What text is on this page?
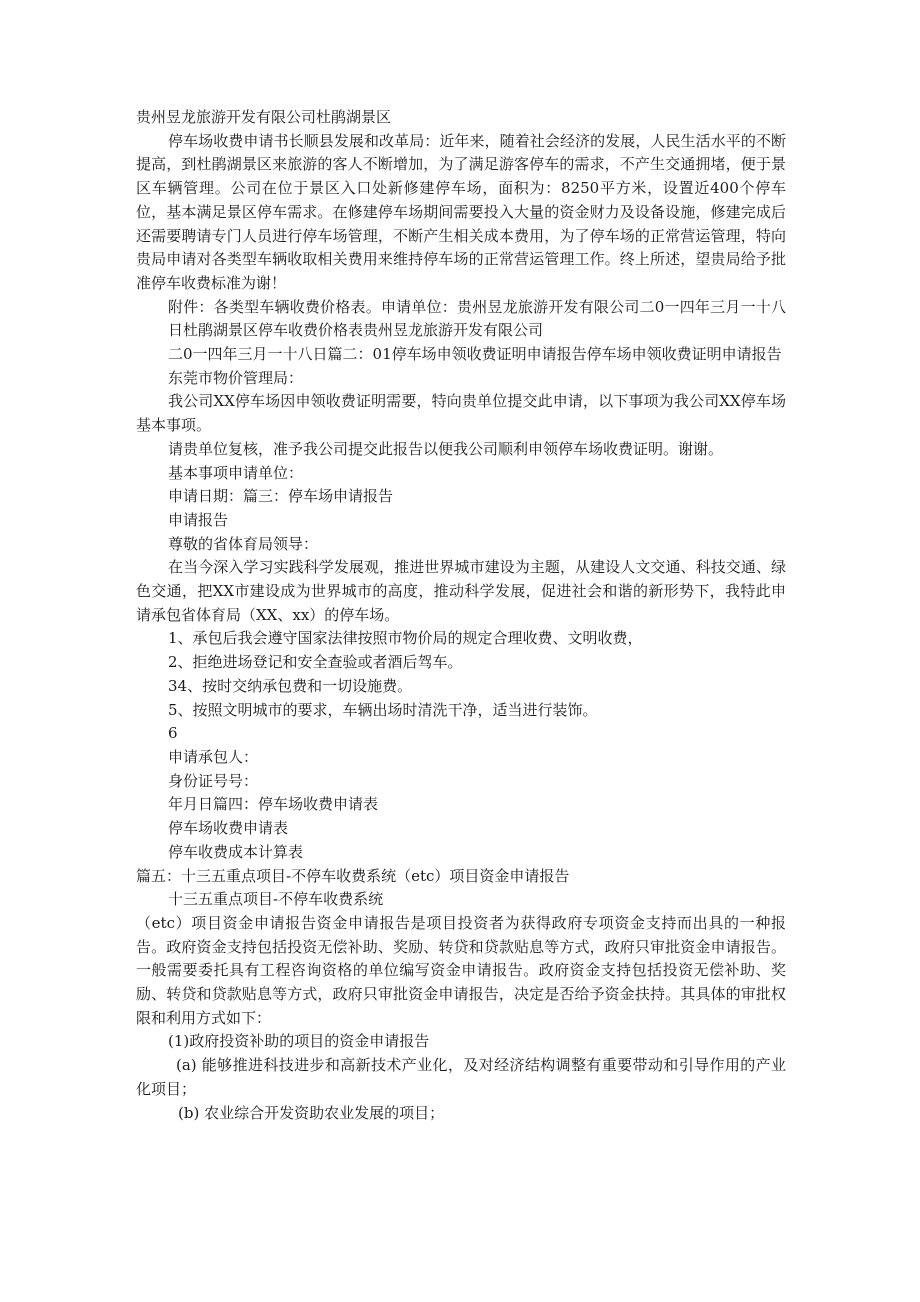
贵州昱龙旅游开发有限公司杜鹃湖景区

停车场收费申请书长顺县发展和改革局：近年来，随着社会经济的发展，人民生活水平的不断提高，到杜鹃湖景区来旅游的客人不断增加，为了满足游客停车的需求，不产生交通拥堵，便于景区车辆管理。公司在位于景区入口处新修建停车场，面积为：8250平方米，设置近400个停车位，基本满足景区停车需求。在修建停车场期间需要投入大量的资金财力及设备设施，修建完成后还需要聘请专门人员进行停车场管理，不断产生相关成本费用，为了停车场的正常营运管理，特向贵局申请对各类型车辆收取相关费用来维持停车场的正常营运管理工作。终上所述，望贵局给予批准停车收费标准为谢！

附件：各类型车辆收费价格表。申请单位：贵州昱龙旅游开发有限公司二0一四年三月一十八日杜鹃湖景区停车收费价格表贵州昱龙旅游开发有限公司

二0一四年三月一十八日篇二：01停车场申领收费证明申请报告停车场申领收费证明申请报告

东莞市物价管理局：

我公司XX停车场因申领收费证明需要，特向贵单位提交此申请，以下事项为我公司XX停车场基本事项。

请贵单位复核，准予我公司提交此报告以便我公司顺利申领停车场收费证明。谢谢。

基本事项申请单位：

申请日期：篇三：停车场申请报告

申请报告

尊敬的省体育局领导：

在当今深入学习实践科学发展观，推进世界城市建设为主题，从建设人文交通、科技交通、绿色交通，把XX市建设成为世界城市的高度，推动科学发展，促进社会和谐的新形势下，我特此申请承包省体育局（XX、xx）的停车场。

1、承包后我会遵守国家法律按照市物价局的规定合理收费、文明收费，

2、拒绝进场登记和安全查验或者酒后驾车。

34、按时交纳承包费和一切设施费。

5、按照文明城市的要求，车辆出场时清洗干净，适当进行装饰。

6

申请承包人：

身份证号号：

年月日篇四：停车场收费申请表

停车场收费申请表

停车收费成本计算表

篇五：十三五重点项目-不停车收费系统（etc）项目资金申请报告

十三五重点项目-不停车收费系统

（etc）项目资金申请报告资金申请报告是项目投资者为获得政府专项资金支持而出具的一种报告。政府资金支持包括投资无偿补助、奖励、转贷和贷款贴息等方式，政府只审批资金申请报告。一般需要委托具有工程咨询资格的单位编写资金申请报告。政府资金支持包括投资无偿补助、奖励、转贷和贷款贴息等方式，政府只审批资金申请报告，决定是否给予资金扶持。其具体的审批权限和利用方式如下：

(1)政府投资补助的项目的资金申请报告

(a) 能够推进科技进步和高新技术产业化，及对经济结构调整有重要带动和引导作用的产业化项目；

(b) 农业综合开发资助农业发展的项目；
